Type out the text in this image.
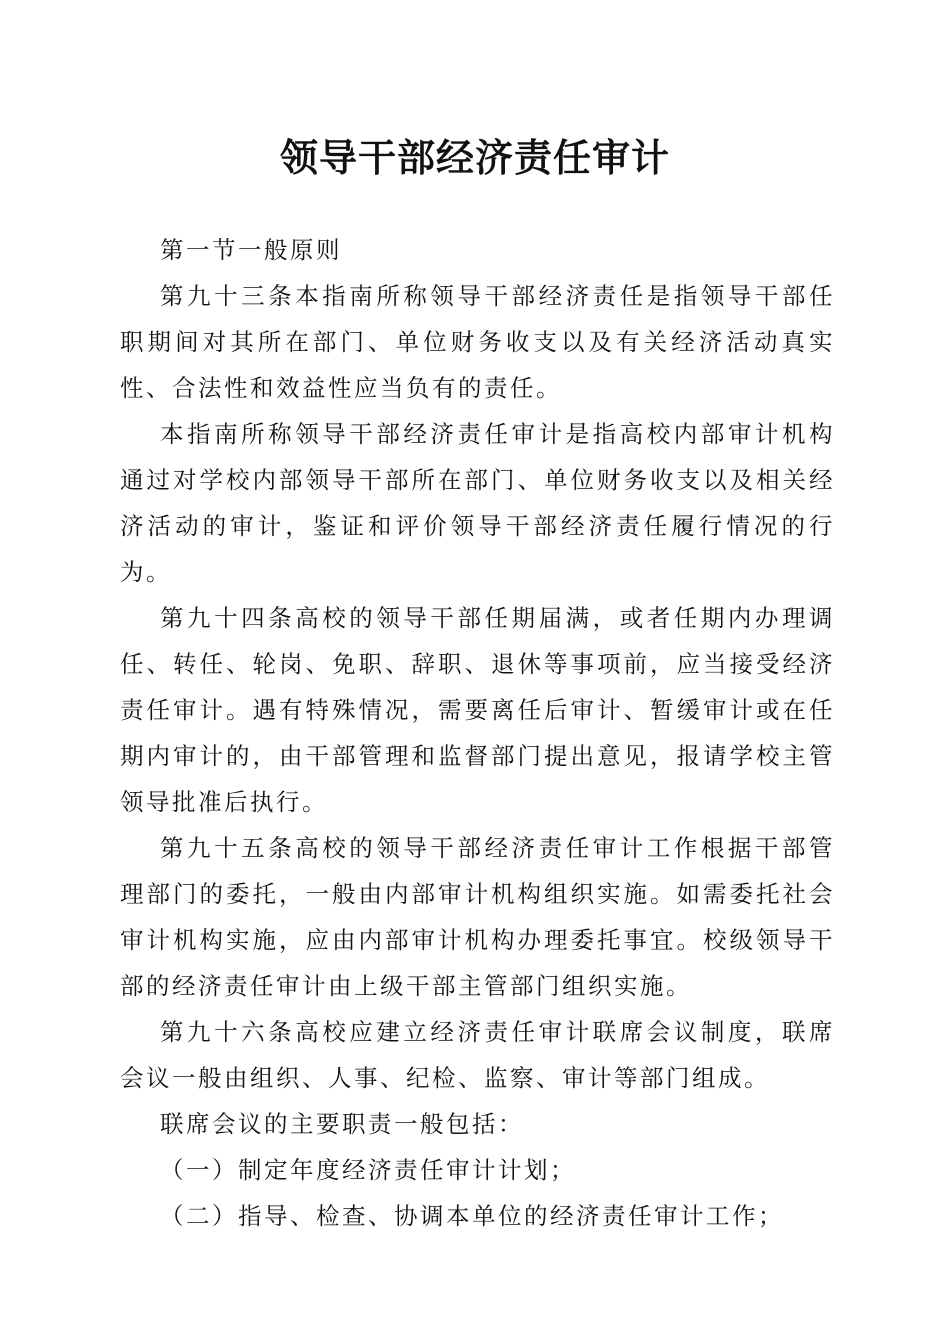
领导干部经济责任审计

第一节一般原则

第九十三条本指南所称领导干部经济责任是指领导干部任职期间对其所在部门、单位财务收支以及有关经济活动真实性、合法性和效益性应当负有的责任。

本指南所称领导干部经济责任审计是指高校内部审计机构通过对学校内部领导干部所在部门、单位财务收支以及相关经济活动的审计，鉴证和评价领导干部经济责任履行情况的行为。

第九十四条高校的领导干部任期届满，或者任期内办理调任、转任、轮岗、免职、辞职、退休等事项前，应当接受经济责任审计。遇有特殊情况，需要离任后审计、暂缓审计或在任期内审计的，由干部管理和监督部门提出意见，报请学校主管领导批准后执行。

第九十五条高校的领导干部经济责任审计工作根据干部管理部门的委托，一般由内部审计机构组织实施。如需委托社会审计机构实施，应由内部审计机构办理委托事宜。校级领导干部的经济责任审计由上级干部主管部门组织实施。

第九十六条高校应建立经济责任审计联席会议制度，联席会议一般由组织、人事、纪检、监察、审计等部门组成。

联席会议的主要职责一般包括：

（一）制定年度经济责任审计计划；

（二）指导、检查、协调本单位的经济责任审计工作；
